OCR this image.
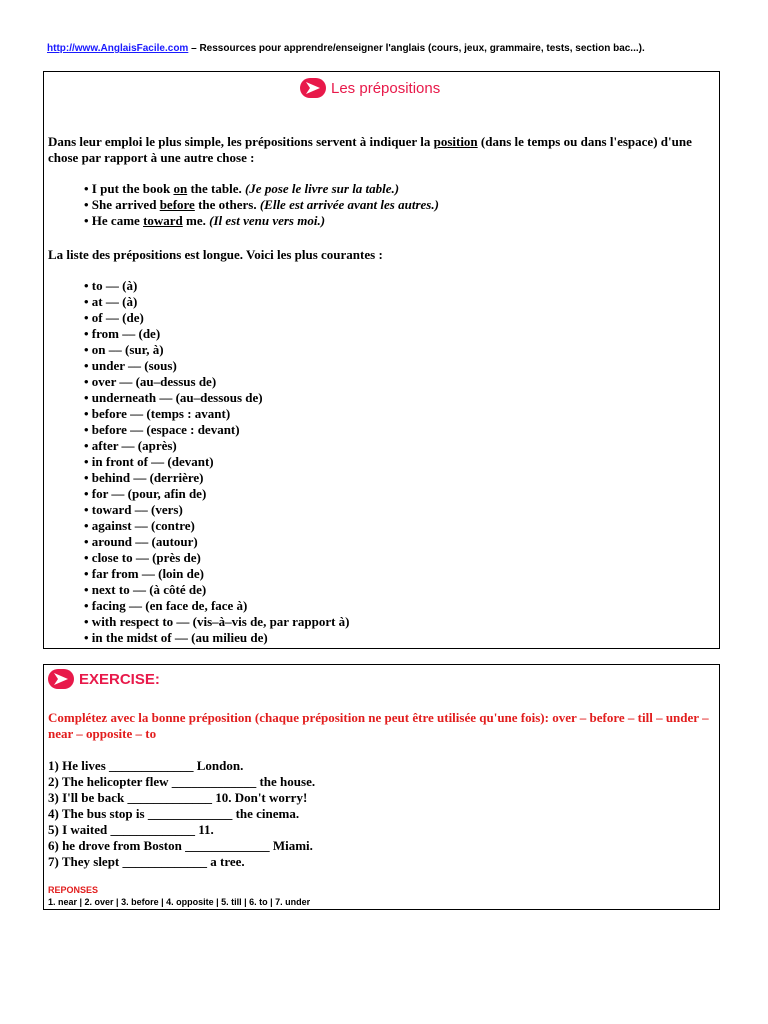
http://www.AnglaisFacile.com – Ressources pour apprendre/enseigner l'anglais (cours, jeux, grammaire, tests, section bac...).
Les prépositions
Dans leur emploi le plus simple, les prépositions servent à indiquer la position (dans le temps ou dans l'espace) d'une chose par rapport à une autre chose :
• I put the book on the table. (Je pose le livre sur la table.)
• She arrived before the others. (Elle est arrivée avant les autres.)
• He came toward me. (Il est venu vers moi.)
La liste des prépositions est longue. Voici les plus courantes :
• to –– (à)
• at –– (à)
• of –– (de)
• from –– (de)
• on –– (sur, à)
• under –– (sous)
• over –– (au–dessus de)
• underneath –– (au–dessous de)
• before –– (temps : avant)
• before –– (espace : devant)
• after –– (après)
• in front of –– (devant)
• behind –– (derrière)
• for –– (pour, afin de)
• toward –– (vers)
• against –– (contre)
• around –– (autour)
• close to –– (près de)
• far from –– (loin de)
• next to –– (à côté de)
• facing –– (en face de, face à)
• with respect to –– (vis–à–vis de, par rapport à)
• in the midst of –– (au milieu de)
EXERCISE:
Complétez avec la bonne préposition (chaque préposition ne peut être utilisée qu'une fois): over – before – till – under – near – opposite – to
1) He lives _____________ London.
2) The helicopter flew _____________ the house.
3) I'll be back _____________ 10. Don't worry!
4) The bus stop is _____________ the cinema.
5) I waited _____________ 11.
6) he drove from Boston _____________ Miami.
7) They slept _____________ a tree.
REPONSES
1. near | 2. over | 3. before | 4. opposite | 5. till | 6. to | 7. under
